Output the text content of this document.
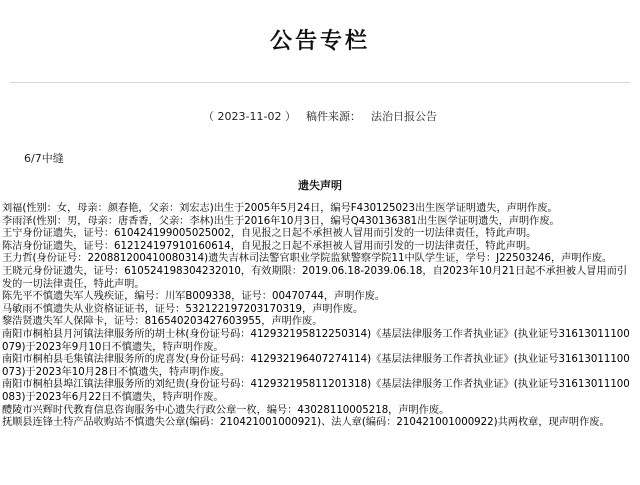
公告专栏
（ 2023-11-02 ） 稿件来源： 法治日报公告
6/7中缝
遗失声明

刘福(性别：女，母亲：颜春艳，父亲：刘宏志)出生于2005年5月24日，编号F430125023出生医学证明遗失，声明作废。

李雨泽(性别：男，母亲：唐香香，父亲：李林)出生于2016年10月3日，编号Q430136381出生医学证明遗失，声明作废。

王宁身份证遗失，证号：610424199005025002，自见报之日起不承担被人冒用而引发的一切法律责任，特此声明。

陈洁身份证遗失，证号：612124197910160614，自见报之日起不承担被人冒用而引发的一切法律责任，特此声明。

王力哲(身份证号：220881200410080314)遗失吉林司法警官职业学院监狱警察学院11中队学生证，学号：J22503246，声明作废。

王晓元身份证遗失，证号：610524198304232010，有效期限：2019.06.18-2039.06.18，自2023年10月21日起不承担被人冒用而引发的一切法律责任，特此声明。

陈先平不慎遗失军人残疾证，编号：川军B009338，证号：00470744，声明作废。

马敏雨不慎遗失从业资格证证书，证号：532122197203170319，声明作废。

黎浩贤遗失军人保障卡，证号：816540203427603955，声明作废。

南阳市桐柏县月河镇法律服务所的胡士林(身份证号码：412932195812250314)《基层法律服务工作者执业证》(执业证号31613011100079)于2023年9月10日不慎遗失，特声明作废。

南阳市桐柏县毛集镇法律服务所的虎喜发(身份证号码：412932196407274114)《基层法律服务工作者执业证》(执业证号31613011100073)于2023年10月28日不慎遗失，特声明作废。

南阳市桐柏县埠江镇法律服务所的刘纪贵(身份证号码：412932195811201318)《基层法律服务工作者执业证》(执业证号31613011100083)于2023年6月22日不慎遗失，特声明作废。

醴陵市兴辉时代教育信息咨询服务中心遗失行政公章一枚，编号：43028110005218，声明作废。

抚顺县连锋土特产品收购站不慎遗失公章(编码：210421001000921)、法人章(编码：210421001000922)共两枚章，现声明作废。
